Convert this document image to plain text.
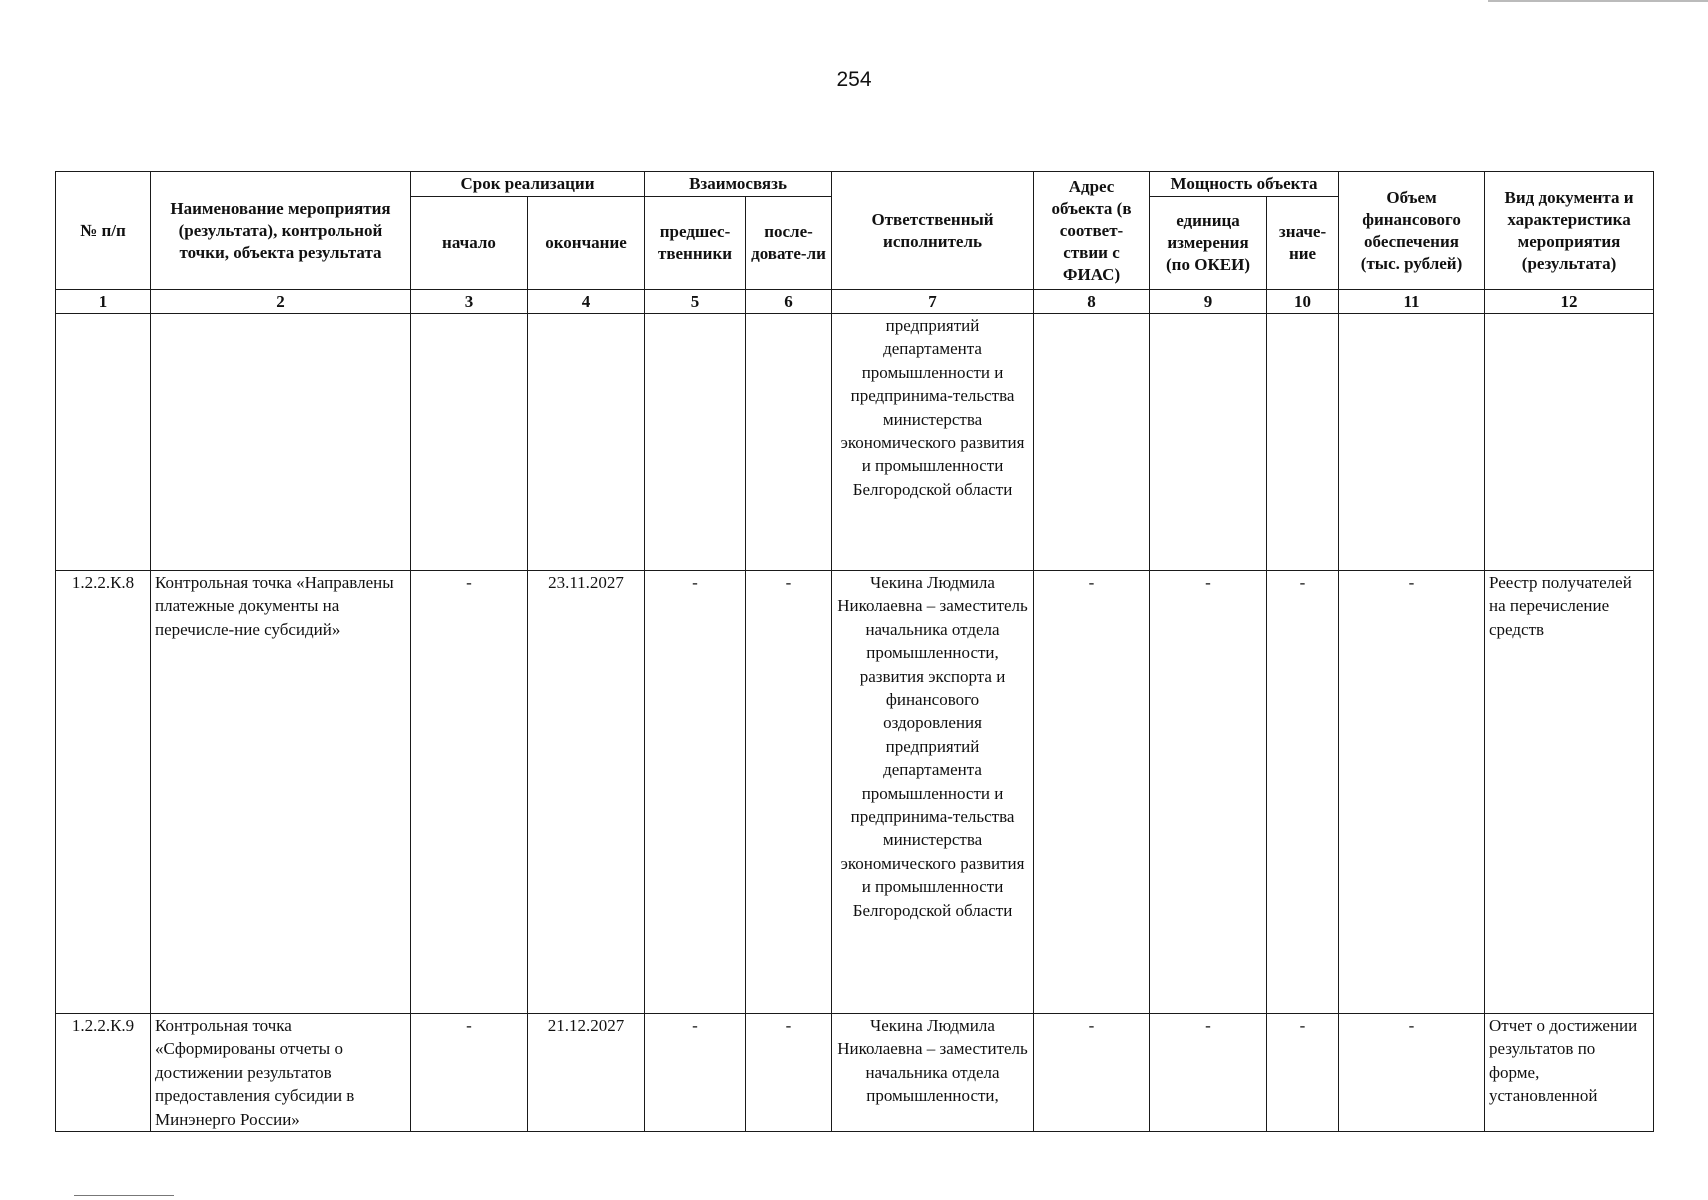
254
№ п/п	Наименование мероприятия (результата), контрольной точки, объекта результата	Срок реализации		Взаимосвязь		Ответственный исполнитель	Адрес объекта (в соответ-ствии с ФИАС)	Мощность объекта		Объем финансового обеспечения (тыс. рублей)	Вид документа и характеристика мероприятия (результата)
		начало	окончание	предшес-твенники	после-довате-ли			единица измерения (по ОКЕИ)	значе-ние		
1	2	3	4	5	6	7	8	9	10	11	12
						предприятий департамента промышленности и предпринима-тельства министерства экономического развития и промышленности Белгородской области					
1.2.2.К.8	Контрольная точка «Направлены платежные документы на перечисле-ние субсидий»	-	23.11.2027	-	-	Чекина Людмила Николаевна – заместитель начальника отдела промышленности, развития экспорта и финансового оздоровления предприятий департамента промышленности и предпринима-тельства министерства экономического развития и промышленности Белгородской области	-	-	-	-	Реестр получателей на перечисление средств
1.2.2.К.9	Контрольная точка «Сформированы отчеты о достижении результатов предоставления субсидии в Минэнерго России»	-	21.12.2027	-	-	Чекина Людмила Николаевна – заместитель начальника отдела промышленности,	-	-	-	-	Отчет о достижении результатов по форме, установленной
